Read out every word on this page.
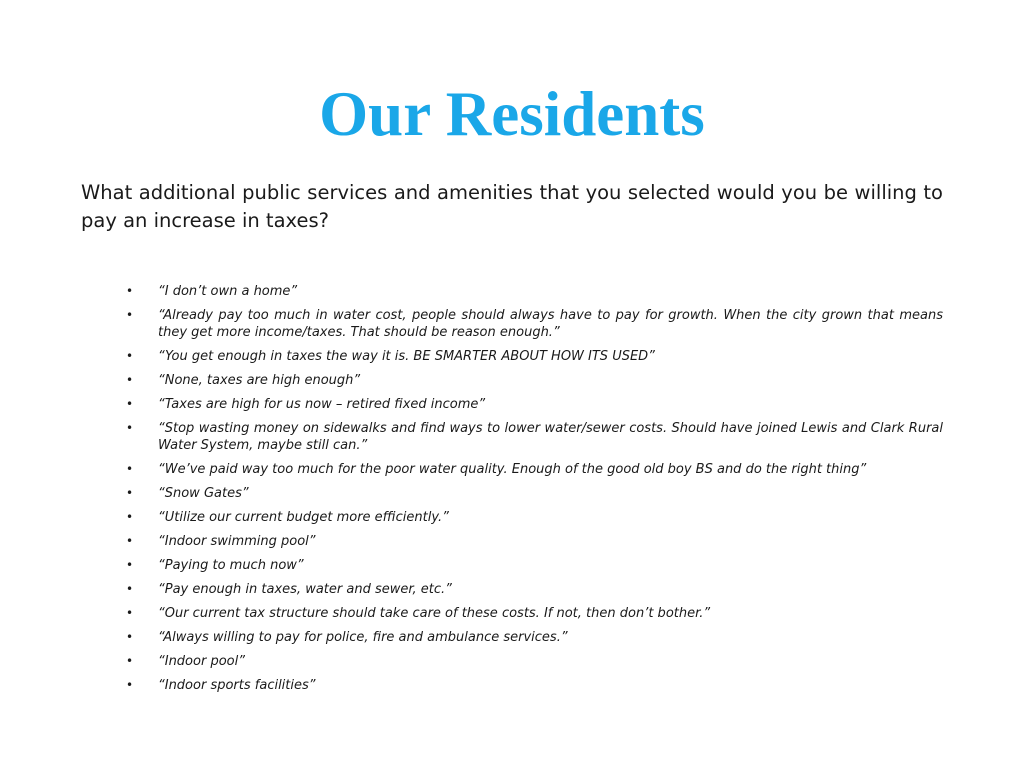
Our Residents
What additional public services and amenities that you selected would you be willing to pay an increase in taxes?
• “I don’t own a home”
• “Already pay too much in water cost, people should always have to pay for growth. When the city grown that means they get more income/taxes. That should be reason enough.”
• “You get enough in taxes the way it is. BE SMARTER ABOUT HOW ITS USED”
• “None, taxes are high enough”
• “Taxes are high for us now – retired fixed income”
• “Stop wasting money on sidewalks and find ways to lower water/sewer costs. Should have joined Lewis and Clark Rural Water System, maybe still can.”
• “We’ve paid way too much for the poor water quality. Enough of the good old boy BS and do the right thing”
• “Snow Gates”
• “Utilize our current budget more efficiently.”
• “Indoor swimming pool”
• “Paying to much now”
• “Pay enough in taxes, water and sewer, etc.”
• “Our current tax structure should take care of these costs. If not, then don’t bother.”
• “Always willing to pay for police, fire and ambulance services.”
• “Indoor pool”
• “Indoor sports facilities”
